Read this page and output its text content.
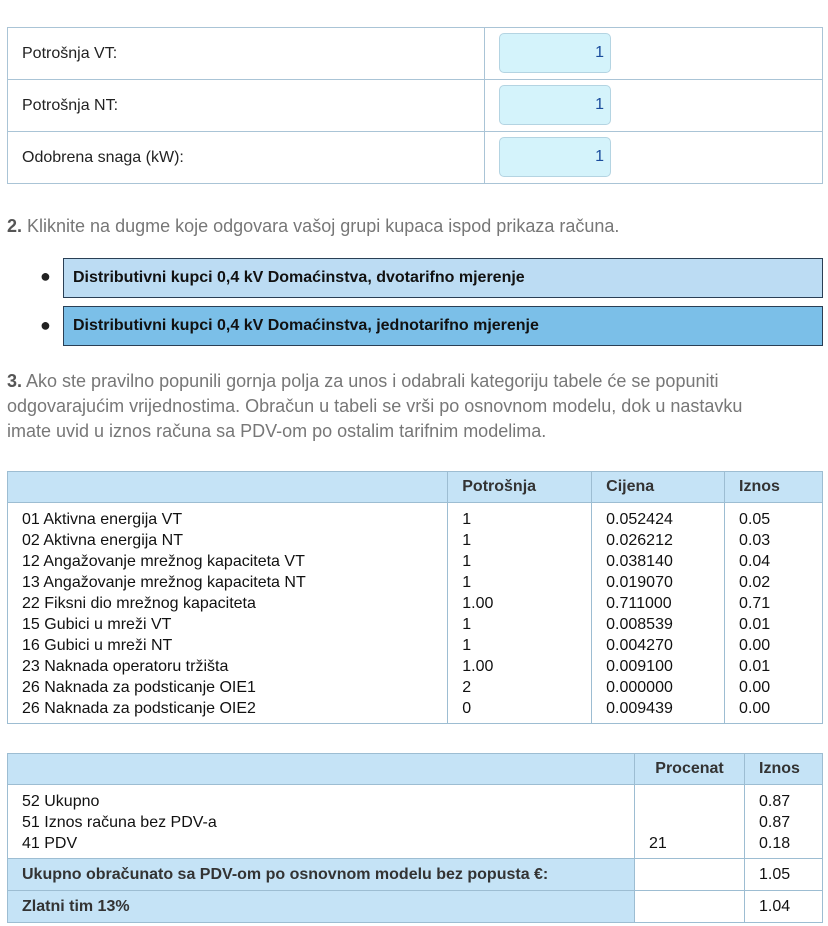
Potrošnja VT:
1
Potrošnja NT:
1
Odobrena snaga (kW):
1
2. Kliknite na dugme koje odgovara vašoj grupi kupaca ispod prikaza računa.
●	Distributivni kupci 0,4 kV Domaćinstva, dvotarifno mjerenje
●	Distributivni kupci 0,4 kV Domaćinstva, jednotarifno mjerenje
3. Ako ste pravilno popunili gornja polja za unos i odabrali kategoriju tabele će se popuniti
odgovarajućim vrijednostima. Obračun u tabeli se vrši po osnovnom modelu, dok u nastavku
imate uvid u iznos računa sa PDV-om po ostalim tarifnim modelima.
	Potrošnja	Cijena	Iznos
01 Aktivna energija VT	1	0.052424	0.05
02 Aktivna energija NT	1	0.026212	0.03
12 Angažovanje mrežnog kapaciteta VT	1	0.038140	0.04
13 Angažovanje mrežnog kapaciteta NT	1	0.019070	0.02
22 Fiksni dio mrežnog kapaciteta	1.00	0.711000	0.71
15 Gubici u mreži VT	1	0.008539	0.01
16 Gubici u mreži NT	1	0.004270	0.00
23 Naknada operatoru tržišta	1.00	0.009100	0.01
26 Naknada za podsticanje OIE1	2	0.000000	0.00
26 Naknada za podsticanje OIE2	0	0.009439	0.00
	Procenat	Iznos
52 Ukupno		0.87
51 Iznos računa bez PDV-a		0.87
41 PDV	21	0.18
Ukupno obračunato sa PDV-om po osnovnom modelu bez popusta €:		1.05
Zlatni tim 13%		1.04
